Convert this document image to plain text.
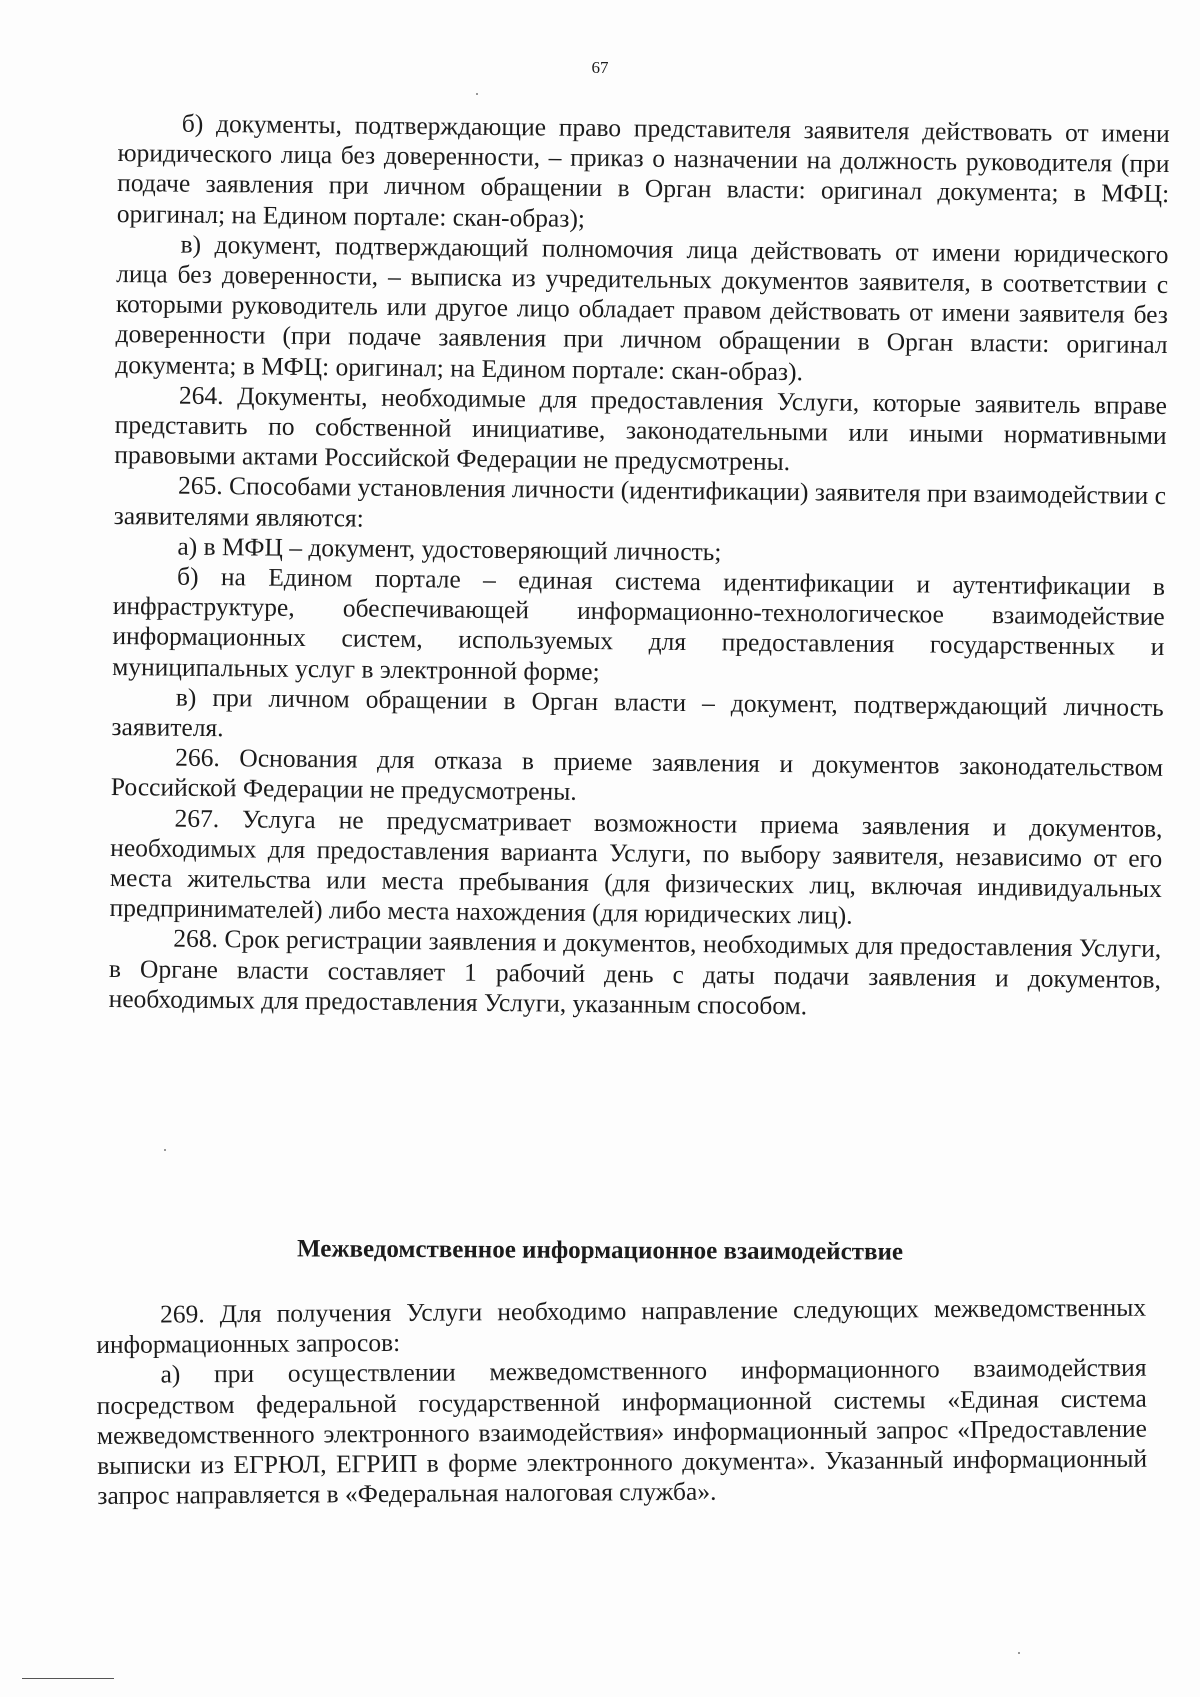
67

б) документы, подтверждающие право представителя заявителя действовать от имени юридического лица без доверенности, – приказ о назначении на должность руководителя (при подаче заявления при личном обращении в Орган власти: оригинал документа; в МФЦ: оригинал; на Едином портале: скан-образ);

в) документ, подтверждающий полномочия лица действовать от имени юридического лица без доверенности, – выписка из учредительных документов заявителя, в соответствии с которыми руководитель или другое лицо обладает правом действовать от имени заявителя без доверенности (при подаче заявления при личном обращении в Орган власти: оригинал документа; в МФЦ: оригинал; на Едином портале: скан-образ).

264. Документы, необходимые для предоставления Услуги, которые заявитель вправе представить по собственной инициативе, законодательными или иными нормативными правовыми актами Российской Федерации не предусмотрены.

265. Способами установления личности (идентификации) заявителя при взаимодействии с заявителями являются:

а) в МФЦ – документ, удостоверяющий личность;

б) на Едином портале – единая система идентификации и аутентификации в инфраструктуре, обеспечивающей информационно-технологическое взаимодействие информационных систем, используемых для предоставления государственных и муниципальных услуг в электронной форме;

в) при личном обращении в Орган власти – документ, подтверждающий личность заявителя.

266. Основания для отказа в приеме заявления и документов законодательством Российской Федерации не предусмотрены.

267. Услуга не предусматривает возможности приема заявления и документов, необходимых для предоставления варианта Услуги, по выбору заявителя, независимо от его места жительства или места пребывания (для физических лиц, включая индивидуальных предпринимателей) либо места нахождения (для юридических лиц).

268. Срок регистрации заявления и документов, необходимых для предоставления Услуги, в Органе власти составляет 1 рабочий день с даты подачи заявления и документов, необходимых для предоставления Услуги, указанным способом.

Межведомственное информационное взаимодействие

269. Для получения Услуги необходимо направление следующих межведомственных информационных запросов:

а) при осуществлении межведомственного информационного взаимодействия посредством федеральной государственной информационной системы «Единая система межведомственного электронного взаимодействия» информационный запрос «Предоставление выписки из ЕГРЮЛ, ЕГРИП в форме электронного документа». Указанный информационный запрос направляется в «Федеральная налоговая служба».
